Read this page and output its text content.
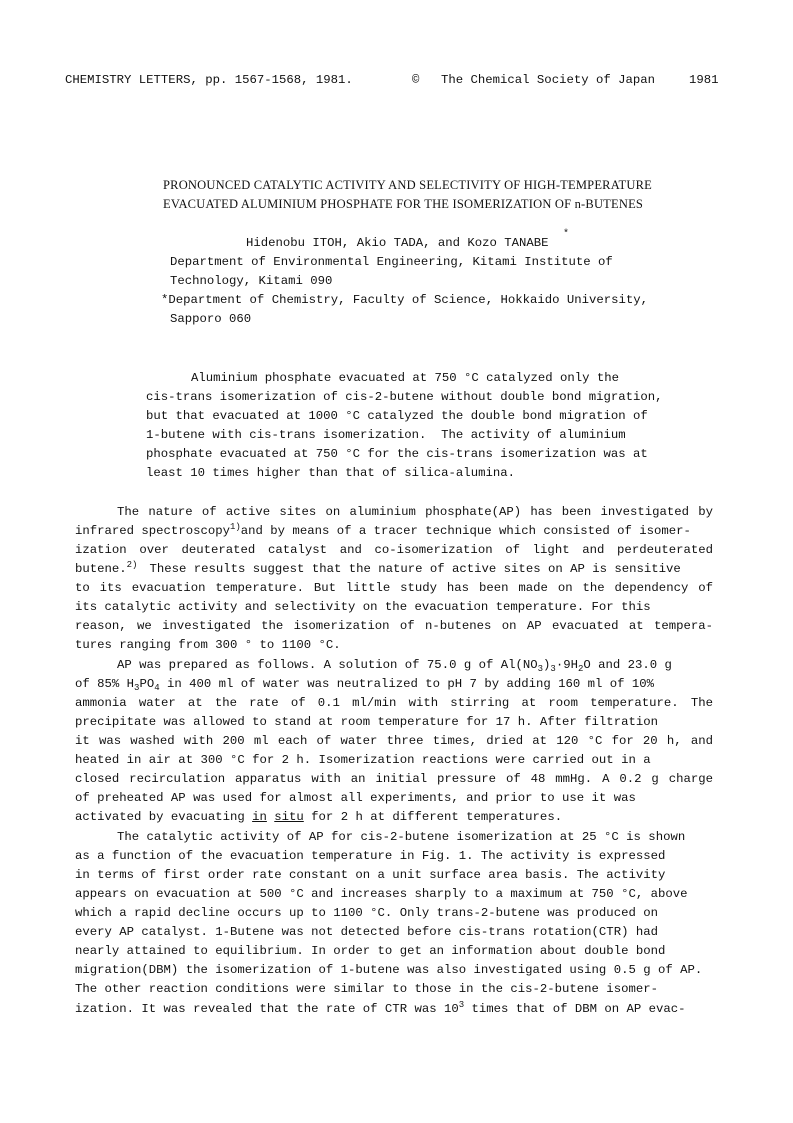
CHEMISTRY LETTERS, pp. 1567-1568, 1981.	© The Chemical Society of Japan	1981
PRONOUNCED CATALYTIC ACTIVITY AND SELECTIVITY OF HIGH-TEMPERATURE
EVACUATED ALUMINIUM PHOSPHATE FOR THE ISOMERIZATION OF n-BUTENES
Hidenobu ITOH, Akio TADA, and Kozo TANABE
*
Department of Environmental Engineering, Kitami Institute of
Technology, Kitami 090
*Department of Chemistry, Faculty of Science, Hokkaido University,
Sapporo 060
Aluminium phosphate evacuated at 750 °C catalyzed only the
cis-trans isomerization of cis-2-butene without double bond migration,
but that evacuated at 1000 °C catalyzed the double bond migration of
1-butene with cis-trans isomerization.  The activity of aluminium
phosphate evacuated at 750 °C for the cis-trans isomerization was at
least 10 times higher than that of silica-alumina.
The nature of active sites on aluminium phosphate(AP) has been investigated by
infrared spectroscopy$^{1)}$and by means of a tracer technique which consisted of isomer-
ization over deuterated catalyst and co-isomerization of light and perdeuterated
butene.$^{2)}$ These results suggest that the nature of active sites on AP is sensitive
to its evacuation temperature. But little study has been made on the dependency of
its catalytic activity and selectivity on the evacuation temperature. For this
reason, we investigated the isomerization of n-butenes on AP evacuated at tempera-
tures ranging from 300 ° to 1100 °C.
AP was prepared as follows. A solution of 75.0 g of $Al(NO_3)_3\cdot 9H_2O$ and 23.0 g
of 85% $H_3PO_4$ in 400 ml of water was neutralized to pH 7 by adding 160 ml of 10%
ammonia water at the rate of 0.1 ml/min with stirring at room temperature. The
precipitate was allowed to stand at room temperature for 17 h. After filtration
it was washed with 200 ml each of water three times, dried at 120 °C for 20 h, and
heated in air at 300 °C for 2 h. Isomerization reactions were carried out in a
closed recirculation apparatus with an initial pressure of 48 mmHg. A 0.2 g charge
of preheated AP was used for almost all experiments, and prior to use it was
activated by evacuating in situ for 2 h at different temperatures.
The catalytic activity of AP for cis-2-butene isomerization at 25 °C is shown
as a function of the evacuation temperature in Fig. 1. The activity is expressed
in terms of first order rate constant on a unit surface area basis. The activity
appears on evacuation at 500 °C and increases sharply to a maximum at 750 °C, above
which a rapid decline occurs up to 1100 °C. Only trans-2-butene was produced on
every AP catalyst. 1-Butene was not detected before cis-trans rotation(CTR) had
nearly attained to equilibrium. In order to get an information about double bond
migration(DBM) the isomerization of 1-butene was also investigated using 0.5 g of AP.
The other reaction conditions were similar to those in the cis-2-butene isomer-
ization. It was revealed that the rate of CTR was $10^3$ times that of DBM on AP evac-
